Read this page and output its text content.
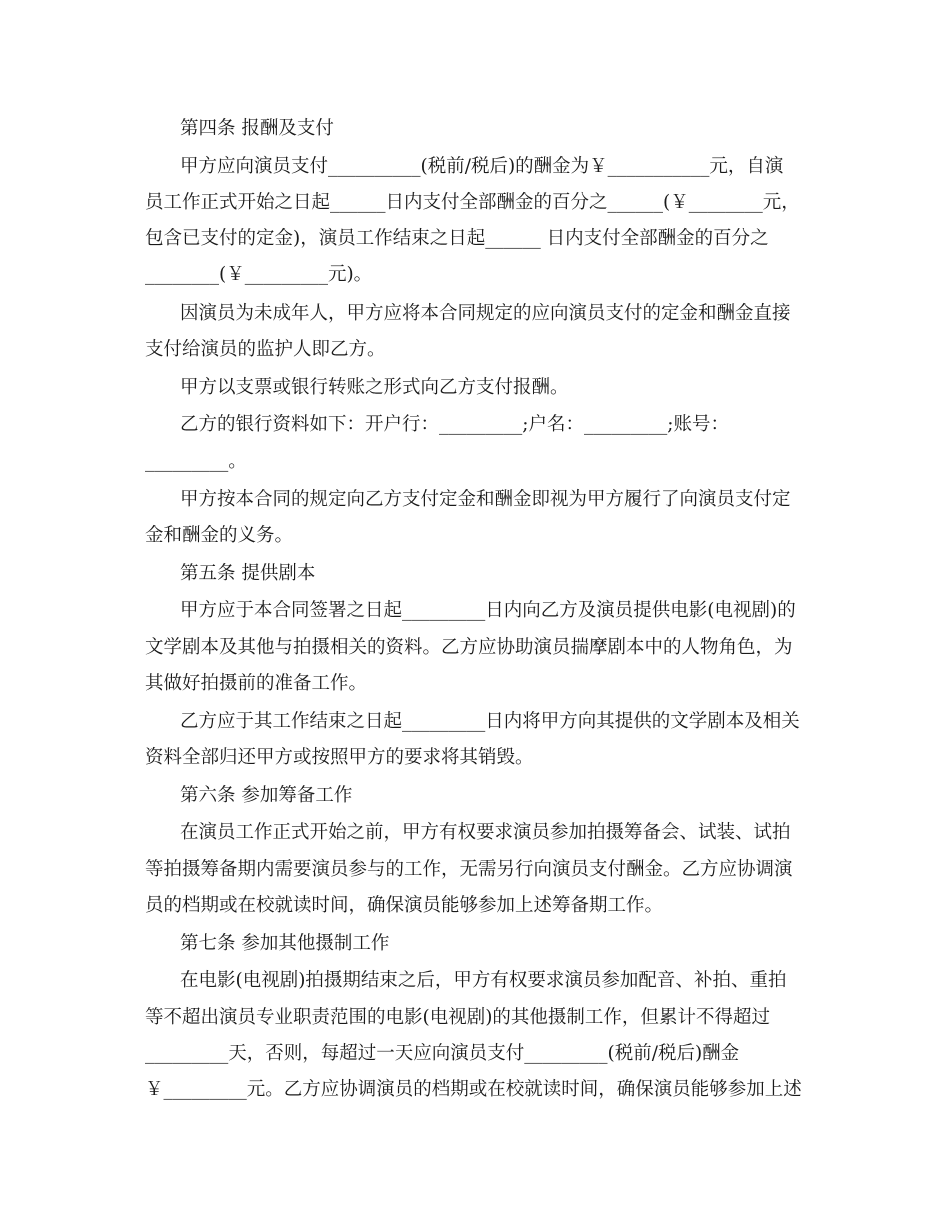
第四条 报酬及支付
甲方应向演员支付__________(税前/税后)的酬金为￥___________元，自演
员工作正式开始之日起______日内支付全部酬金的百分之______(￥________元，
包含已支付的定金)，演员工作结束之日起______ 日内支付全部酬金的百分之
________(￥_________元)。
因演员为未成年人，甲方应将本合同规定的应向演员支付的定金和酬金直接
支付给演员的监护人即乙方。
甲方以支票或银行转账之形式向乙方支付报酬。
乙方的银行资料如下：开户行：_________;户名：_________;账号：
_________。
甲方按本合同的规定向乙方支付定金和酬金即视为甲方履行了向演员支付定
金和酬金的义务。
第五条 提供剧本
甲方应于本合同签署之日起_________日内向乙方及演员提供电影(电视剧)的
文学剧本及其他与拍摄相关的资料。乙方应协助演员揣摩剧本中的人物角色，为
其做好拍摄前的准备工作。
乙方应于其工作结束之日起_________日内将甲方向其提供的文学剧本及相关
资料全部归还甲方或按照甲方的要求将其销毁。
第六条 参加筹备工作
在演员工作正式开始之前，甲方有权要求演员参加拍摄筹备会、试装、试拍
等拍摄筹备期内需要演员参与的工作，无需另行向演员支付酬金。乙方应协调演
员的档期或在校就读时间，确保演员能够参加上述筹备期工作。
第七条 参加其他摄制工作
在电影(电视剧)拍摄期结束之后，甲方有权要求演员参加配音、补拍、重拍
等不超出演员专业职责范围的电影(电视剧)的其他摄制工作，但累计不得超过
_________天，否则，每超过一天应向演员支付_________(税前/税后)酬金
￥_________元。乙方应协调演员的档期或在校就读时间，确保演员能够参加上述
